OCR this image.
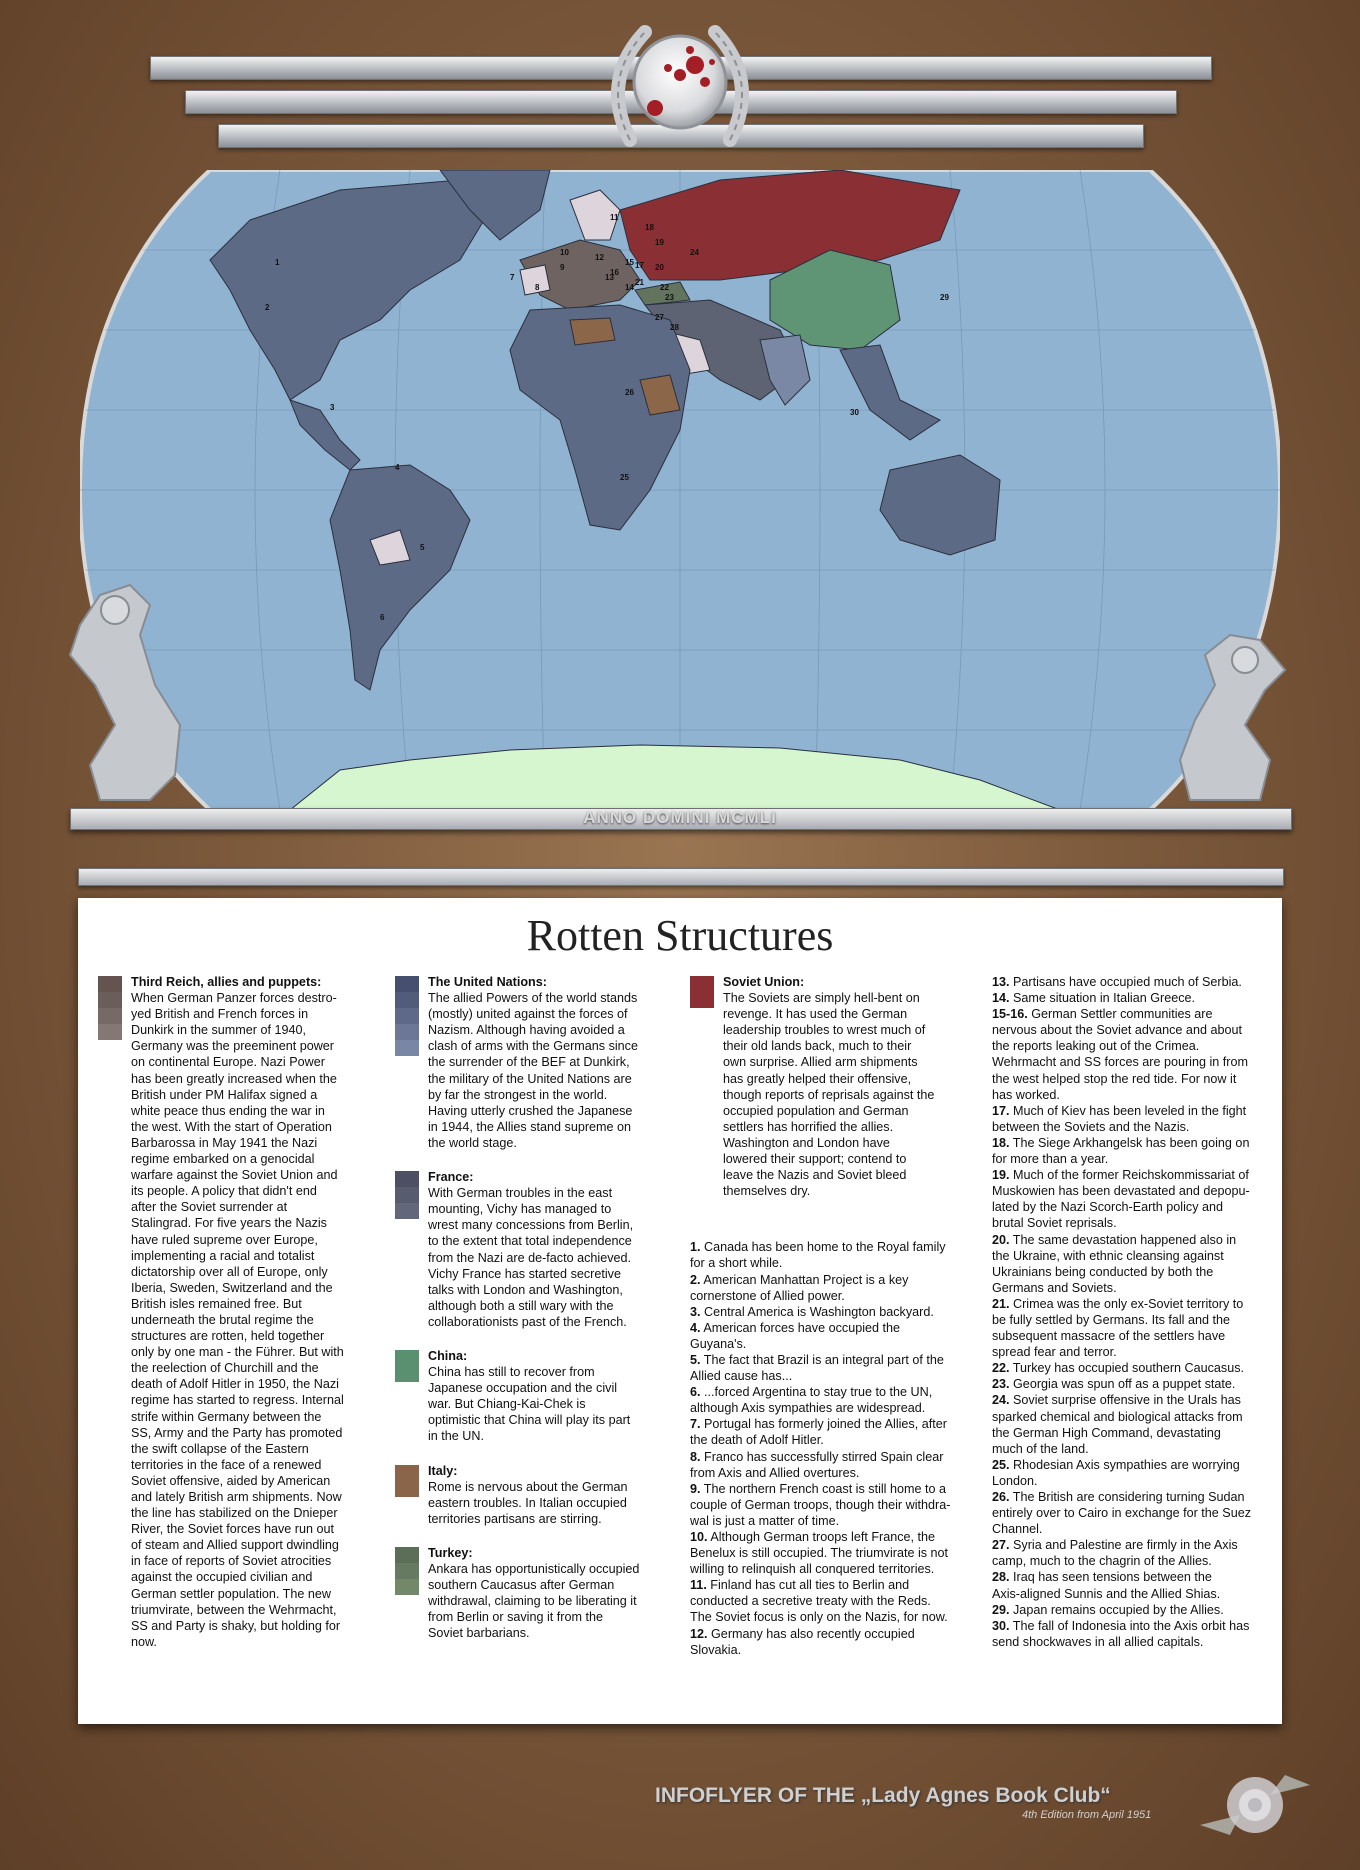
1
2
3
4
5
6
7
8
9
10
11
12
13
14
15
16
17
18
19
20
21
22
23
24
25
26
27
28
29
30
ANNO DOMINI MCMLI
Rotten Structures
Third Reich, allies and puppets:
When German Panzer forces destro-
yed British and French forces in
Dunkirk in the summer of 1940,
Germany was the preeminent power
on continental Europe. Nazi Power
has been greatly increased when the
British under PM Halifax signed a
white peace thus ending the war in
the west. With the start of Operation
Barbarossa in May 1941 the Nazi
regime embarked on a genocidal
warfare against the Soviet Union and
its people. A policy that didn't end
after the Soviet surrender at
Stalingrad. For five years the Nazis
have ruled supreme over Europe,
implementing a racial and totalist
dictatorship over all of Europe, only
Iberia, Sweden, Switzerland and the
British isles remained free. But
underneath the brutal regime the
structures are rotten, held together
only by one man - the Führer. But with
the reelection of Churchill and the
death of Adolf Hitler in 1950, the Nazi
regime has started to regress. Internal
strife within Germany between the
SS, Army and the Party has promoted
the swift collapse of the Eastern
territories in the face of a renewed
Soviet offensive, aided by American
and lately British arm shipments. Now
the line has stabilized on the Dnieper
River, the Soviet forces have run out
of steam and Allied support dwindling
in face of reports of Soviet atrocities
against the occupied civilian and
German settler population. The new
triumvirate, between the Wehrmacht,
SS and Party is shaky, but holding for
now.
The United Nations:
The allied Powers of the world stands
(mostly) united against the forces of
Nazism. Although having avoided a
clash of arms with the Germans since
the surrender of the BEF at Dunkirk,
the military of the United Nations are
by far the strongest in the world.
Having utterly crushed the Japanese
in 1944, the Allies stand supreme on
the world stage.
France:
With German troubles in the east
mounting, Vichy has managed to
wrest many concessions from Berlin,
to the extent that total independence
from the Nazi are de-facto achieved.
Vichy France has started secretive
talks with London and Washington,
although both a still wary with the
collaborationists past of the French.
China:
China has still to recover from
Japanese occupation and the civil
war. But Chiang-Kai-Chek is
optimistic that China will play its part
in the UN.
Italy:
Rome is nervous about the German
eastern troubles. In Italian occupied
territories partisans are stirring.
Turkey:
Ankara has opportunistically occupied
southern Caucasus after German
withdrawal, claiming to be liberating it
from Berlin or saving it from the
Soviet barbarians.
Soviet Union:
The Soviets are simply hell-bent on
revenge. It has used the German
leadership troubles to wrest much of
their old lands back, much to their
own surprise. Allied arm shipments
has greatly helped their offensive,
though reports of reprisals against the
occupied population and German
settlers has horrified the allies.
Washington and London have
lowered their support; contend to
leave the Nazis and Soviet bleed
themselves dry.
1. Canada has been home to the Royal family
for a short while.
2. American Manhattan Project is a key
cornerstone of Allied power.
3. Central America is Washington backyard.
4. American forces have occupied the
Guyana's.
5. The fact that Brazil is an integral part of the
Allied cause has...
6. ...forced Argentina to stay true to the UN,
although Axis sympathies are widespread.
7. Portugal has formerly joined the Allies, after
the death of Adolf Hitler.
8. Franco has successfully stirred Spain clear
from Axis and Allied overtures.
9. The northern French coast is still home to a
couple of German troops, though their withdra-
wal is just a matter of time.
10. Although German troops left France, the
Benelux is still occupied. The triumvirate is not
willing to relinquish all conquered territories.
11. Finland has cut all ties to Berlin and
conducted a secretive treaty with the Reds.
The Soviet focus is only on the Nazis, for now.
12. Germany has also recently occupied
Slovakia.
13. Partisans have occupied much of Serbia.
14. Same situation in Italian Greece.
15-16. German Settler communities are
nervous about the Soviet advance and about
the reports leaking out of the Crimea.
Wehrmacht and SS forces are pouring in from
the west helped stop the red tide. For now it
has worked.
17. Much of Kiev has been leveled in the fight
between the Soviets and the Nazis.
18. The Siege Arkhangelsk has been going on
for more than a year.
19. Much of the former Reichskommissariat of
Muskowien has been devastated and depopu-
lated by the Nazi Scorch-Earth policy and
brutal Soviet reprisals.
20. The same devastation happened also in
the Ukraine, with ethnic cleansing against
Ukrainians being conducted by both the
Germans and Soviets.
21. Crimea was the only ex-Soviet territory to
be fully settled by Germans. Its fall and the
subsequent massacre of the settlers have
spread fear and terror.
22. Turkey has occupied southern Caucasus.
23. Georgia was spun off as a puppet state.
24. Soviet surprise offensive in the Urals has
sparked chemical and biological attacks from
the German High Command, devastating
much of the land.
25. Rhodesian Axis sympathies are worrying
London.
26. The British are considering turning Sudan
entirely over to Cairo in exchange for the Suez
Channel.
27. Syria and Palestine are firmly in the Axis
camp, much to the chagrin of the Allies.
28. Iraq has seen tensions between the
Axis-aligned Sunnis and the Allied Shias.
29. Japan remains occupied by the Allies.
30. The fall of Indonesia into the Axis orbit has
send shockwaves in all allied capitals.
INFOFLYER OF THE „Lady Agnes Book Club“
4th Edition from April 1951
